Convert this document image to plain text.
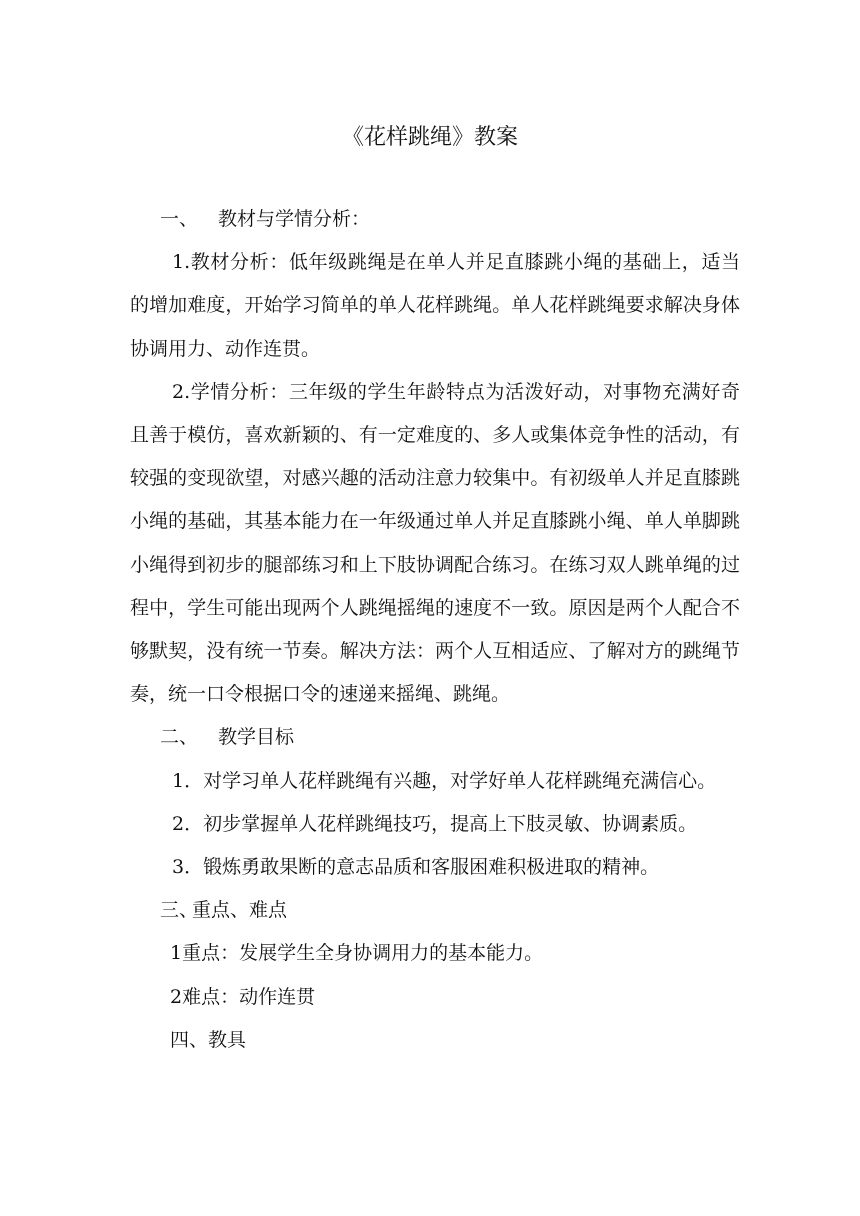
《花样跳绳》教案

一、 教材与学情分析：

1.教材分析：低年级跳绳是在单人并足直膝跳小绳的基础上，适当的增加难度，开始学习简单的单人花样跳绳。单人花样跳绳要求解决身体协调用力、动作连贯。

2.学情分析：三年级的学生年龄特点为活泼好动，对事物充满好奇且善于模仿，喜欢新颖的、有一定难度的、多人或集体竞争性的活动，有较强的变现欲望，对感兴趣的活动注意力较集中。有初级单人并足直膝跳小绳的基础，其基本能力在一年级通过单人并足直膝跳小绳、单人单脚跳小绳得到初步的腿部练习和上下肢协调配合练习。在练习双人跳单绳的过程中，学生可能出现两个人跳绳摇绳的速度不一致。原因是两个人配合不够默契，没有统一节奏。解决方法：两个人互相适应、了解对方的跳绳节奏，统一口令根据口令的速递来摇绳、跳绳。

二、 教学目标

1．对学习单人花样跳绳有兴趣，对学好单人花样跳绳充满信心。

2．初步掌握单人花样跳绳技巧，提高上下肢灵敏、协调素质。

3．锻炼勇敢果断的意志品质和客服困难积极进取的精神。

三、重点、难点

1重点：发展学生全身协调用力的基本能力。

2难点：动作连贯

四、教具
